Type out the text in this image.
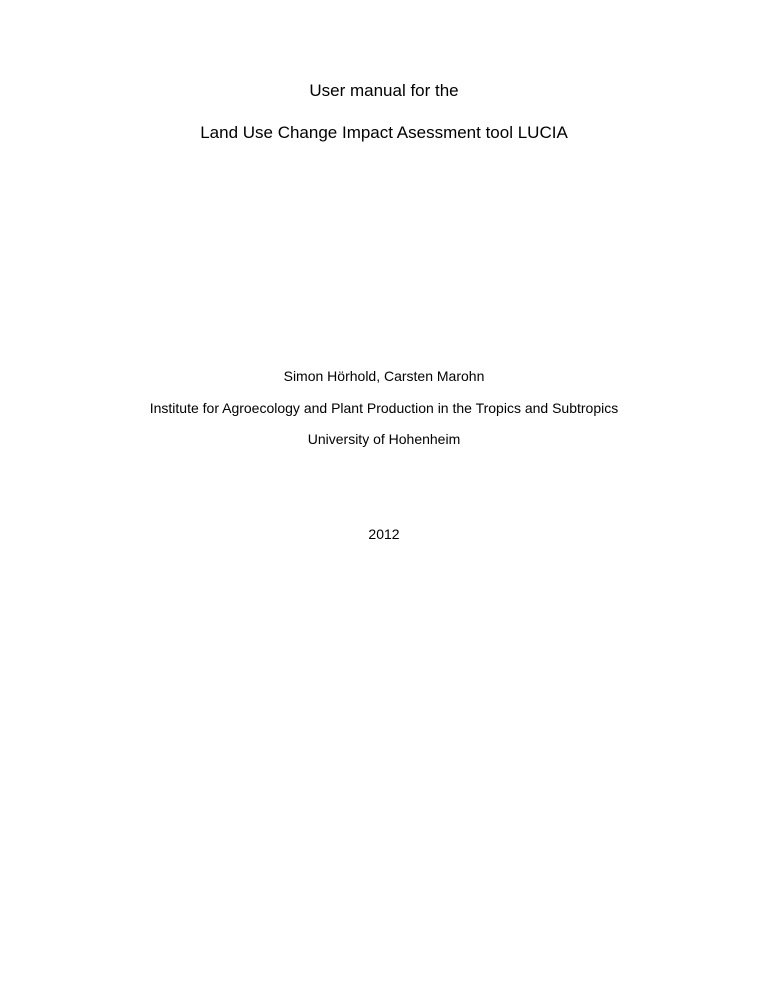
User manual for the
Land Use Change Impact Asessment tool LUCIA
Simon Hörhold, Carsten Marohn
Institute for Agroecology and Plant Production in the Tropics and Subtropics
University of Hohenheim
2012
